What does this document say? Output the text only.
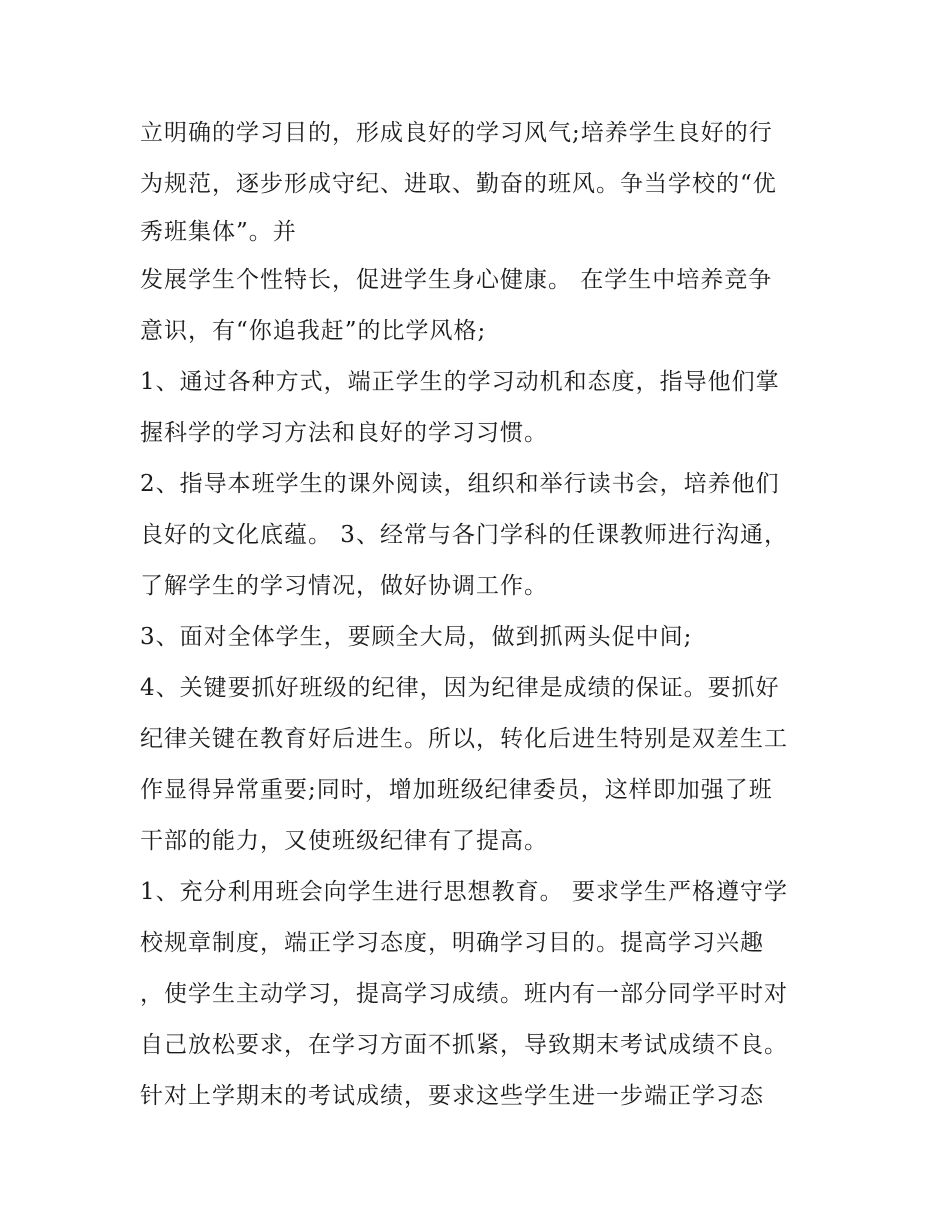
立明确的学习目的，形成良好的学习风气;培养学生良好的行
为规范，逐步形成守纪、进取、勤奋的班风。争当学校的“优
秀班集体”。并
发展学生个性特长，促进学生身心健康。 在学生中培养竞争
意识，有“你追我赶”的比学风格;
1、通过各种方式，端正学生的学习动机和态度，指导他们掌
握科学的学习方法和良好的学习习惯。
2、指导本班学生的课外阅读，组织和举行读书会，培养他们
良好的文化底蕴。 3、经常与各门学科的任课教师进行沟通，
了解学生的学习情况，做好协调工作。
3、面对全体学生，要顾全大局，做到抓两头促中间;
4、关键要抓好班级的纪律，因为纪律是成绩的保证。要抓好
纪律关键在教育好后进生。所以，转化后进生特别是双差生工
作显得异常重要;同时，增加班级纪律委员，这样即加强了班
干部的能力，又使班级纪律有了提高。
1、充分利用班会向学生进行思想教育。 要求学生严格遵守学
校规章制度，端正学习态度，明确学习目的。提高学习兴趣
，使学生主动学习，提高学习成绩。班内有一部分同学平时对
自己放松要求，在学习方面不抓紧，导致期末考试成绩不良。
针对上学期末的考试成绩，要求这些学生进一步端正学习态
